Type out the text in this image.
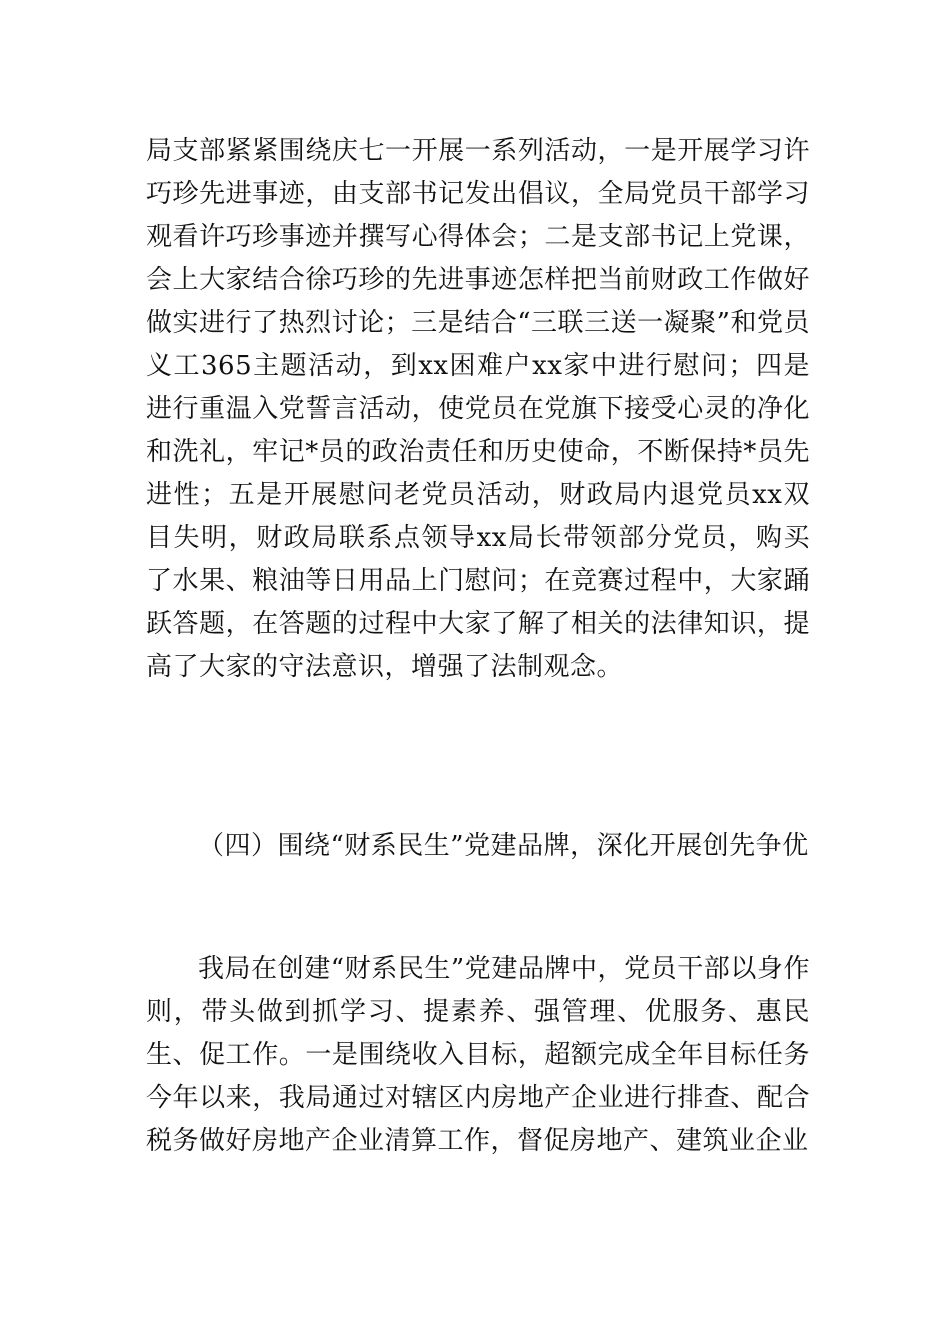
局支部紧紧围绕庆七一开展一系列活动，一是开展学习许巧珍先进事迹，由支部书记发出倡议，全局党员干部学习观看许巧珍事迹并撰写心得体会；二是支部书记上党课，会上大家结合徐巧珍的先进事迹怎样把当前财政工作做好做实进行了热烈讨论；三是结合“三联三送一凝聚”和党员义工365主题活动，到xx困难户xx家中进行慰问；四是进行重温入党誓言活动，使党员在党旗下接受心灵的净化和洗礼，牢记*员的政治责任和历史使命，不断保持*员先进性；五是开展慰问老党员活动，财政局内退党员xx双目失明，财政局联系点领导xx局长带领部分党员，购买了水果、粮油等日用品上门慰问；在竞赛过程中，大家踊跃答题，在答题的过程中大家了解了相关的法律知识，提高了大家的守法意识，增强了法制观念。

（四）围绕“财系民生”党建品牌，深化开展创先争优

我局在创建“财系民生”党建品牌中，党员干部以身作则，带头做到抓学习、提素养、强管理、优服务、惠民生、促工作。一是围绕收入目标，超额完成全年目标任务今年以来，我局通过对辖区内房地产企业进行排查、配合税务做好房地产企业清算工作，督促房地产、建筑业企业
